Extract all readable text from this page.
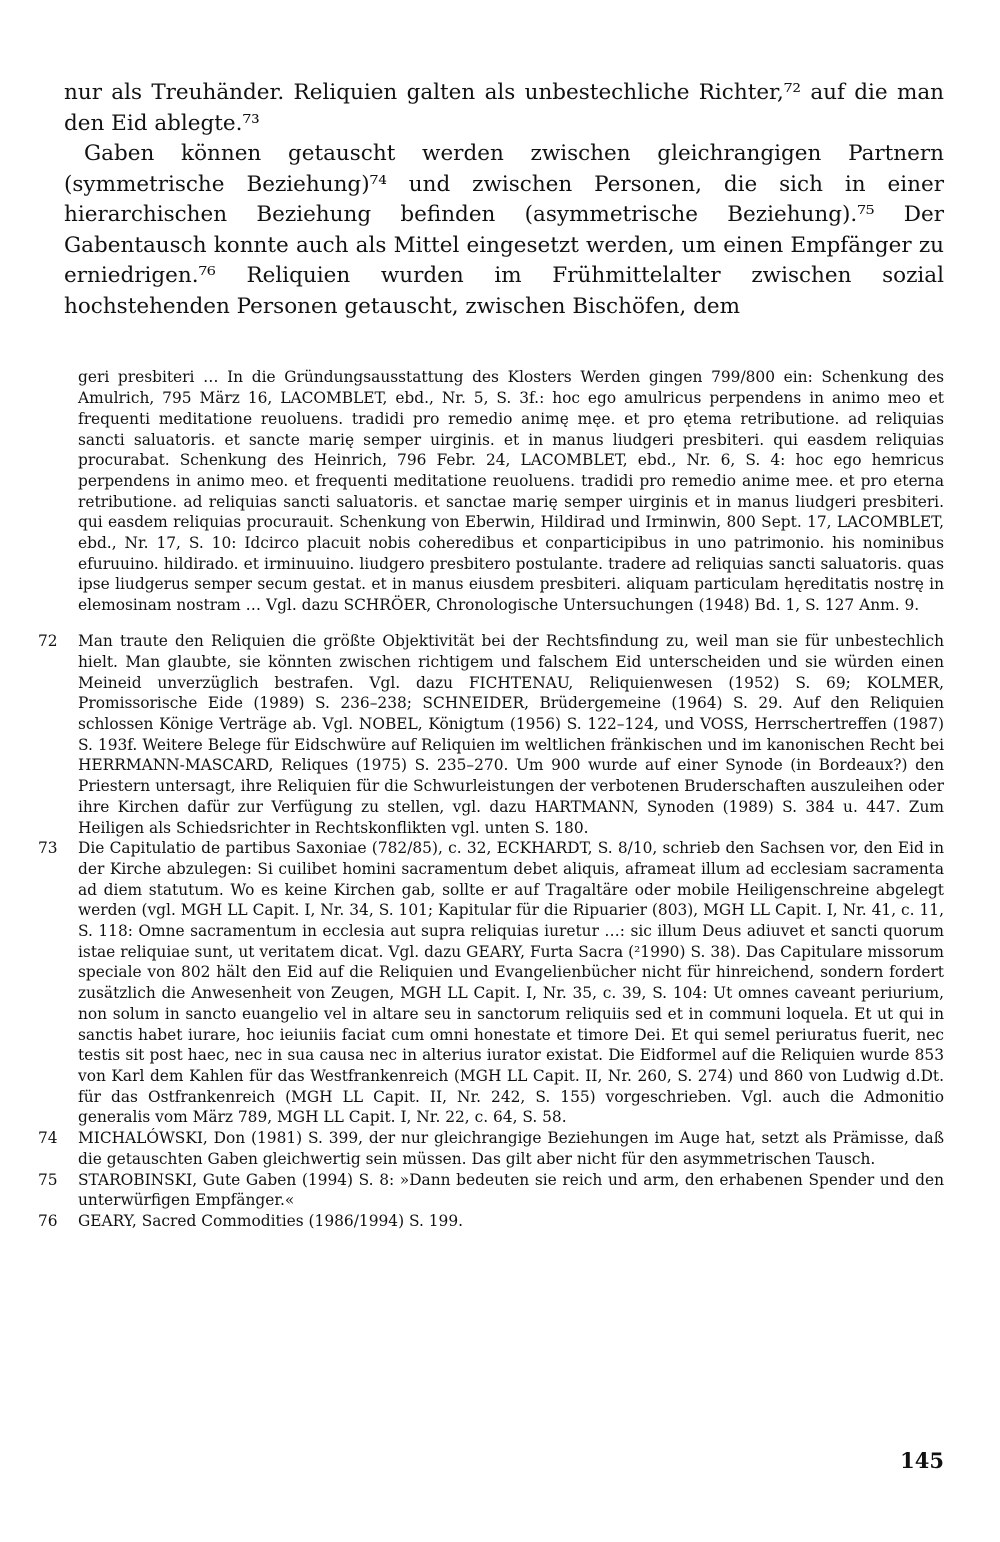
nur als Treuhänder. Reliquien galten als unbestechliche Richter,⁷² auf die man den Eid ablegte.⁷³

Gaben können getauscht werden zwischen gleichrangigen Partnern (symmetrische Beziehung)⁷⁴ und zwischen Personen, die sich in einer hierarchischen Beziehung befinden (asymmetrische Beziehung).⁷⁵ Der Gabentausch konnte auch als Mittel eingesetzt werden, um einen Empfänger zu erniedrigen.⁷⁶ Reliquien wurden im Frühmittelalter zwischen sozial hochstehenden Personen getauscht, zwischen Bischöfen, dem

geri presbiteri … In die Gründungsausstattung des Klosters Werden gingen 799/800 ein: Schenkung des Amulrich, 795 März 16, LACOMBLET, ebd., Nr. 5, S. 3f.: hoc ego amulricus perpendens in animo meo et frequenti meditatione reuoluens. tradidi pro remedio animę męe. et pro ętema retributione. ad reliquias sancti saluatoris. et sancte marię semper uirginis. et in manus liudgeri presbiteri. qui easdem reliquias procurabat. Schenkung des Heinrich, 796 Febr. 24, LACOMBLET, ebd., Nr. 6, S. 4: hoc ego hemricus perpendens in animo meo. et frequenti meditatione reuoluens. tradidi pro remedio anime mee. et pro eterna retributione. ad reliquias sancti saluatoris. et sanctae marię semper uirginis et in manus liudgeri presbiteri. qui easdem reliquias procurauit. Schenkung von Eberwin, Hildirad und Irminwin, 800 Sept. 17, LACOMBLET, ebd., Nr. 17, S. 10: Idcirco placuit nobis coheredibus et conparticipibus in uno patrimonio. his nominibus efuruuino. hildirado. et irminuuino. liudgero presbitero postulante. tradere ad reliquias sancti saluatoris. quas ipse liudgerus semper secum gestat. et in manus eiusdem presbiteri. aliquam particulam hęreditatis nostrę in elemosinam nostram … Vgl. dazu SCHRÖER, Chronologische Untersuchungen (1948) Bd. 1, S. 127 Anm. 9.

72	Man traute den Reliquien die größte Objektivität bei der Rechtsfindung zu, weil man sie für unbestechlich hielt. Man glaubte, sie könnten zwischen richtigem und falschem Eid unterscheiden und sie würden einen Meineid unverzüglich bestrafen. Vgl. dazu FICHTENAU, Reliquienwesen (1952) S. 69; KOLMER, Promissorische Eide (1989) S. 236–238; SCHNEIDER, Brüdergemeine (1964) S. 29. Auf den Reliquien schlossen Könige Verträge ab. Vgl. NOBEL, Königtum (1956) S. 122–124, und VOSS, Herrschertreffen (1987) S. 193f. Weitere Belege für Eidschwüre auf Reliquien im weltlichen fränkischen und im kanonischen Recht bei HERRMANN-MASCARD, Reliques (1975) S. 235–270. Um 900 wurde auf einer Synode (in Bordeaux?) den Priestern untersagt, ihre Reliquien für die Schwurleistungen der verbotenen Bruderschaften auszuleihen oder ihre Kirchen dafür zur Verfügung zu stellen, vgl. dazu HARTMANN, Synoden (1989) S. 384 u. 447. Zum Heiligen als Schiedsrichter in Rechtskonflikten vgl. unten S. 180.
73	Die Capitulatio de partibus Saxoniae (782/85), c. 32, ECKHARDT, S. 8/10, schrieb den Sachsen vor, den Eid in der Kirche abzulegen: Si cuilibet homini sacramentum debet aliquis, aframeat illum ad ecclesiam sacramenta ad diem statutum. Wo es keine Kirchen gab, sollte er auf Tragaltäre oder mobile Heiligenschreine abgelegt werden (vgl. MGH LL Capit. I, Nr. 34, S. 101; Kapitular für die Ripuarier (803), MGH LL Capit. I, Nr. 41, c. 11, S. 118: Omne sacramentum in ecclesia aut supra reliquias iuretur …: sic illum Deus adiuvet et sancti quorum istae reliquiae sunt, ut veritatem dicat. Vgl. dazu GEARY, Furta Sacra (²1990) S. 38). Das Capitulare missorum speciale von 802 hält den Eid auf die Reliquien und Evangelienbücher nicht für hinreichend, sondern fordert zusätzlich die Anwesenheit von Zeugen, MGH LL Capit. I, Nr. 35, c. 39, S. 104: Ut omnes caveant periurium, non solum in sancto euangelio vel in altare seu in sanctorum reliquiis sed et in communi loquela. Et ut qui in sanctis habet iurare, hoc ieiuniis faciat cum omni honestate et timore Dei. Et qui semel periuratus fuerit, nec testis sit post haec, nec in sua causa nec in alterius iurator existat. Die Eidformel auf die Reliquien wurde 853 von Karl dem Kahlen für das Westfrankenreich (MGH LL Capit. II, Nr. 260, S. 274) und 860 von Ludwig d.Dt. für das Ostfrankenreich (MGH LL Capit. II, Nr. 242, S. 155) vorgeschrieben. Vgl. auch die Admonitio generalis vom März 789, MGH LL Capit. I, Nr. 22, c. 64, S. 58.
74	MICHALÓWSKI, Don (1981) S. 399, der nur gleichrangige Beziehungen im Auge hat, setzt als Prämisse, daß die getauschten Gaben gleichwertig sein müssen. Das gilt aber nicht für den asymmetrischen Tausch.
75	STAROBINSKI, Gute Gaben (1994) S. 8: »Dann bedeuten sie reich und arm, den erhabenen Spender und den unterwürfigen Empfänger.«
76	GEARY, Sacred Commodities (1986/1994) S. 199.
145
